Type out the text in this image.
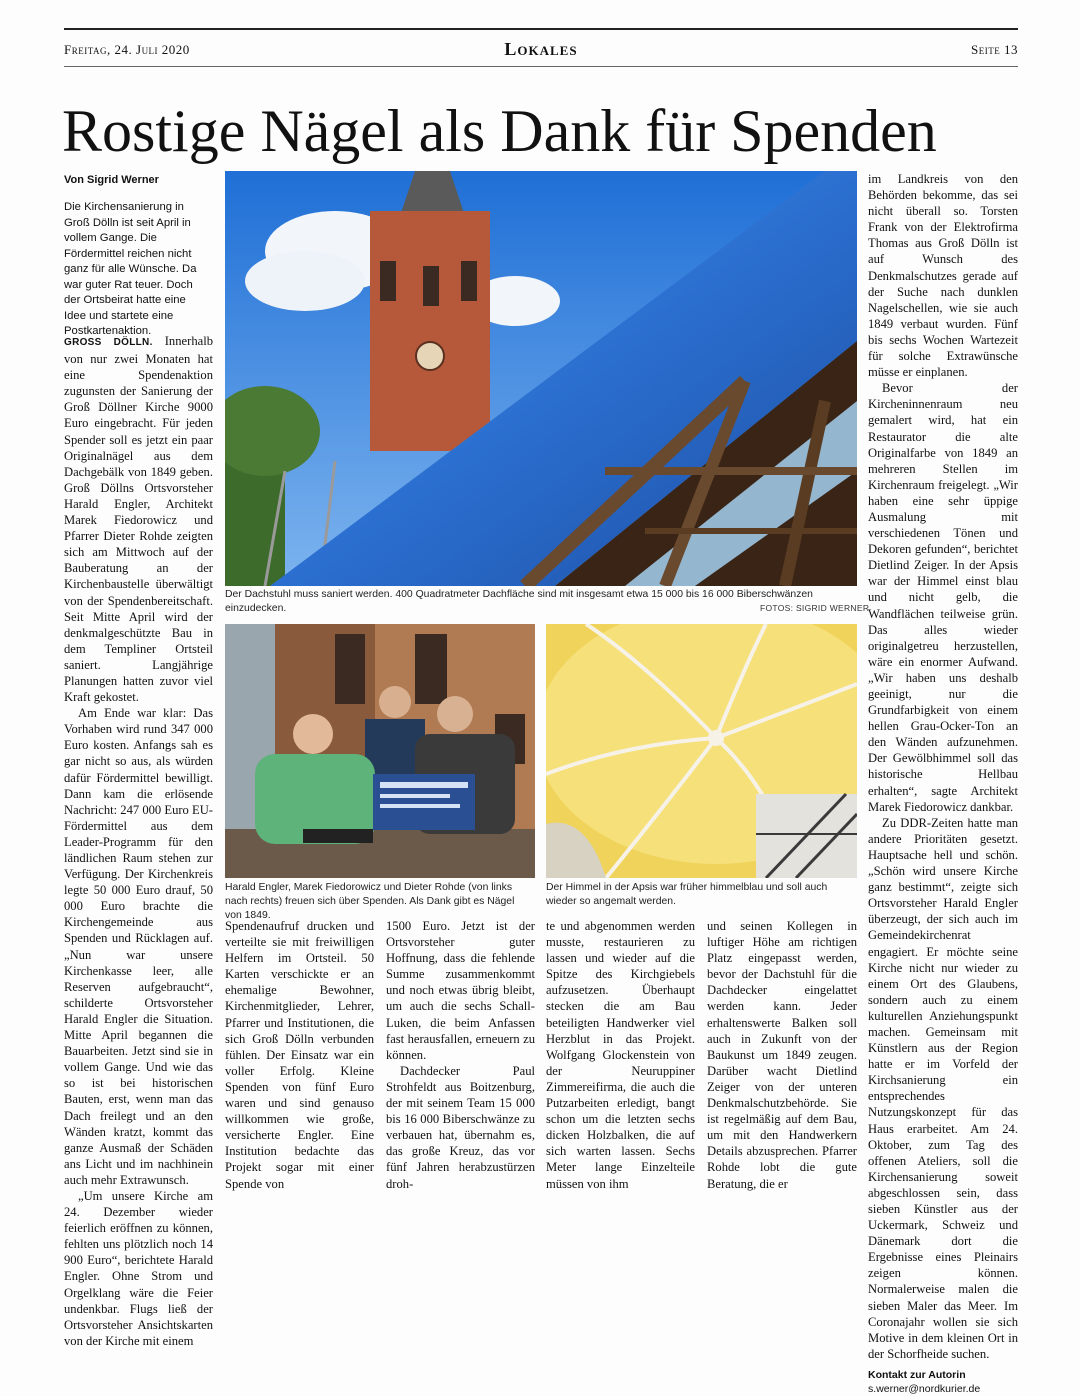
Freitag, 24. Juli 2020	Lokales	Seite 13
Rostige Nägel als Dank für Spenden
Von Sigrid Werner
Die Kirchensanierung in Groß Dölln ist seit April in vollem Gange. Die Fördermittel reichen nicht ganz für alle Wünsche. Da war guter Rat teuer. Doch der Ortsbeirat hatte eine Idee und startete eine Postkartenaktion.

GROSS DÖLLN. Innerhalb von nur zwei Monaten hat eine Spendenaktion zugunsten der Sanierung der Groß Döllner Kirche 9000 Euro eingebracht. Für jeden Spender soll es jetzt ein paar Originalnägel aus dem Dachgebälk von 1849 geben. Groß Döllns Ortsvorsteher Harald Engler, Architekt Marek Fiedorowicz und Pfarrer Dieter Rohde zeigten sich am Mittwoch auf der Bauberatung an der Kirchenbaustelle überwältigt von der Spendenbereitschaft. Seit Mitte April wird der denkmalgeschützte Bau in dem Templiner Ortsteil saniert. Langjährige Planungen hatten zuvor viel Kraft gekostet.

Am Ende war klar: Das Vorhaben wird rund 347 000 Euro kosten. Anfangs sah es gar nicht so aus, als würden dafür Fördermittel bewilligt. Dann kam die erlösende Nachricht: 247 000 Euro EU-Fördermittel aus dem Leader-Programm für den ländlichen Raum stehen zur Verfügung. Der Kirchenkreis legte 50 000 Euro drauf, 50 000 Euro brachte die Kirchengemeinde aus Spenden und Rücklagen auf. „Nun war unsere Kirchenkasse leer, alle Reserven aufgebraucht“, schilderte Ortsvorsteher Harald Engler die Situation. Mitte April begannen die Bauarbeiten. Jetzt sind sie in vollem Gange. Und wie das so ist bei historischen Bauten, erst, wenn man das Dach freilegt und an den Wänden kratzt, kommt das ganze Ausmaß der Schäden ans Licht und im nachhinein auch mehr Extrawunsch.

„Um unsere Kirche am 24. Dezember wieder feierlich eröffnen zu können, fehlten uns plötzlich noch 14 900 Euro“, berichtete Harald Engler. Ohne Strom und Orgelklang wäre die Feier undenkbar. Flugs ließ der Ortsvorsteher Ansichtskarten von der Kirche mit einem

Der Dachstuhl muss saniert werden. 400 Quadratmeter Dachfläche sind mit insgesamt etwa 15 000 bis 16 000 Biberschwänzen einzudecken.	FOTOS: SIGRID WERNER
Harald Engler, Marek Fiedorowicz und Dieter Rohde (von links nach rechts) freuen sich über Spenden. Als Dank gibt es Nägel von 1849.
Der Himmel in der Apsis war früher himmelblau und soll auch wieder so angemalt werden.

Spendenaufruf drucken und verteilte sie mit freiwilligen Helfern im Ortsteil. 50 Karten verschickte er an ehemalige Bewohner, Kirchenmitglieder, Lehrer, Pfarrer und Institutionen, die sich Groß Dölln verbunden fühlen. Der Einsatz war ein voller Erfolg. Kleine Spenden von fünf Euro waren und sind genauso willkommen wie große, versicherte Engler. Eine Institution bedachte das Projekt sogar mit einer Spende von

1500 Euro. Jetzt ist der Ortsvorsteher guter Hoffnung, dass die fehlende Summe zusammenkommt und noch etwas übrig bleibt, um auch die sechs Schall-Luken, die beim Anfassen fast herausfallen, erneuern zu können.

Dachdecker Paul Strohfeldt aus Boitzenburg, der mit seinem Team 15 000 bis 16 000 Biberschwänze zu verbauen hat, übernahm es, das große Kreuz, das vor fünf Jahren herabzustürzen droh-

te und abgenommen werden musste, restaurieren zu lassen und wieder auf die Spitze des Kirchgiebels aufzusetzen. Überhaupt stecken die am Bau beteiligten Handwerker viel Herzblut in das Projekt. Wolfgang Glockenstein von der Neuruppiner Zimmereifirma, die auch die Putzarbeiten erledigt, bangt schon um die letzten sechs dicken Holzbalken, die auf sich warten lassen. Sechs Meter lange Einzelteile müssen von ihm

und seinen Kollegen in luftiger Höhe am richtigen Platz eingepasst werden, bevor der Dachstuhl für die Dachdecker eingelattet werden kann. Jeder erhaltenswerte Balken soll auch in Zukunft von der Baukunst um 1849 zeugen. Darüber wacht Dietlind Zeiger von der unteren Denkmalschutzbehörde. Sie ist regelmäßig auf dem Bau, um mit den Handwerkern Details abzusprechen. Pfarrer Rohde lobt die gute Beratung, die er

im Landkreis von den Behörden bekomme, das sei nicht überall so. Torsten Frank von der Elektrofirma Thomas aus Groß Dölln ist auf Wunsch des Denkmalschutzes gerade auf der Suche nach dunklen Nagelschellen, wie sie auch 1849 verbaut wurden. Fünf bis sechs Wochen Wartezeit für solche Extrawünsche müsse er einplanen.

Bevor der Kircheninnenraum neu gemalert wird, hat ein Restaurator die alte Originalfarbe von 1849 an mehreren Stellen im Kirchenraum freigelegt. „Wir haben eine sehr üppige Ausmalung mit verschiedenen Tönen und Dekoren gefunden“, berichtet Dietlind Zeiger. In der Apsis war der Himmel einst blau und nicht gelb, die Wandflächen teilweise grün. Das alles wieder originalgetreu herzustellen, wäre ein enormer Aufwand. „Wir haben uns deshalb geeinigt, nur die Grundfarbigkeit von einem hellen Grau-Ocker-Ton an den Wänden aufzunehmen. Der Gewölbhimmel soll das historische Hellbau erhalten“, sagte Architekt Marek Fiedorowicz dankbar.

Zu DDR-Zeiten hatte man andere Prioritäten gesetzt. Hauptsache hell und schön. „Schön wird unsere Kirche ganz bestimmt“, zeigte sich Ortsvorsteher Harald Engler überzeugt, der sich auch im Gemeindekirchenrat engagiert. Er möchte seine Kirche nicht nur wieder zu einem Ort des Glaubens, sondern auch zu einem kulturellen Anziehungspunkt machen. Gemeinsam mit Künstlern aus der Region hatte er im Vorfeld der Kirchsanierung ein entsprechendes Nutzungskonzept für das Haus erarbeitet. Am 24. Oktober, zum Tag des offenen Ateliers, soll die Kirchensanierung soweit abgeschlossen sein, dass sieben Künstler aus der Uckermark, Schweiz und Dänemark dort die Ergebnisse eines Pleinairs zeigen können. Normalerweise malen die sieben Maler das Meer. Im Coronajahr wollen sie sich Motive in dem kleinen Ort in der Schorfheide suchen.

Kontakt zur Autorin
s.werner@nordkurier.de
